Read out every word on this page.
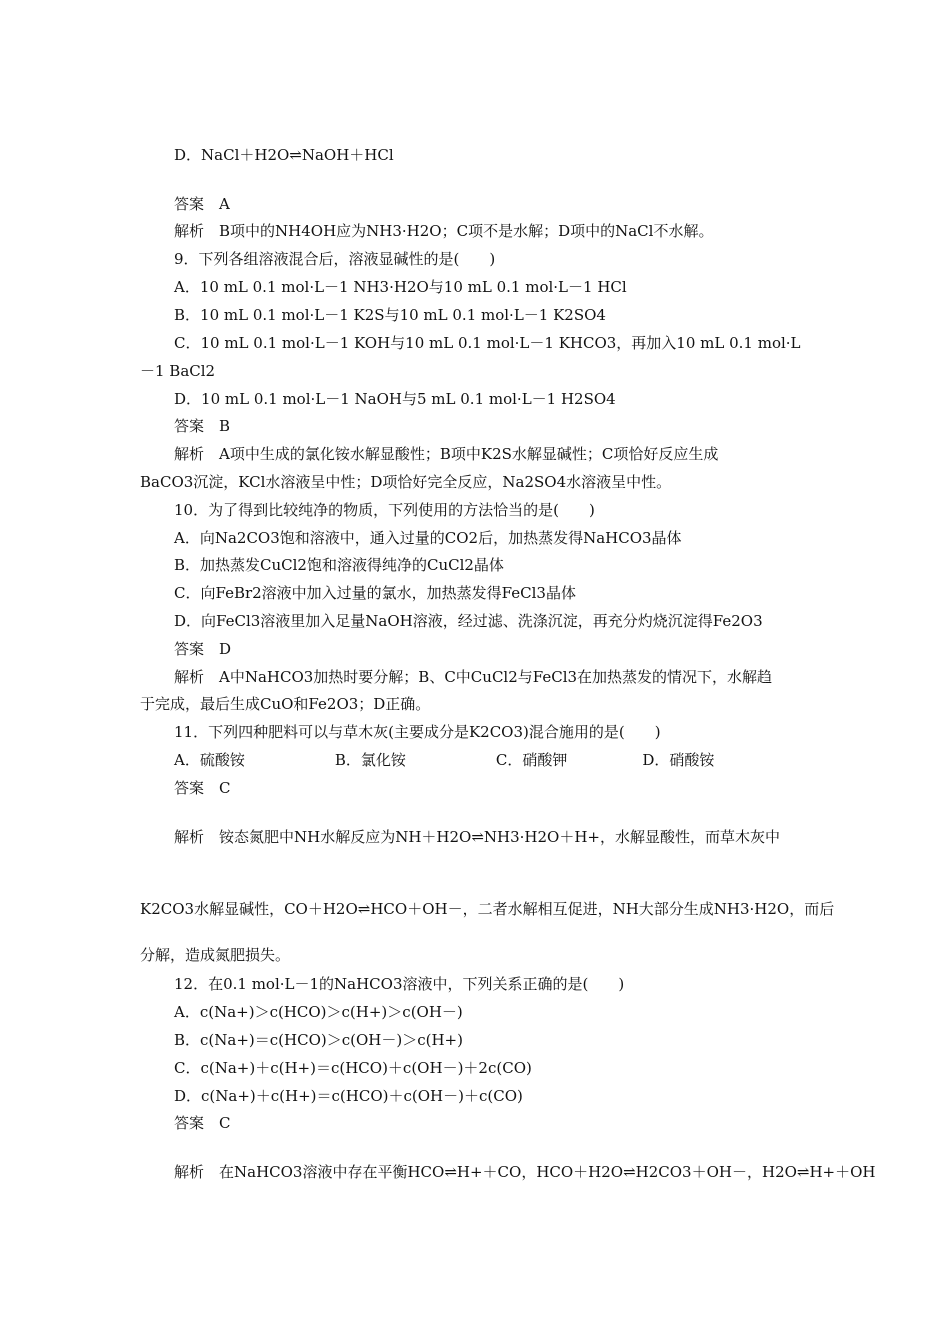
D．NaCl＋H2O⇌NaOH＋HCl
答案　A
解析　B项中的NH4OH应为NH3·H2O；C项不是水解；D项中的NaCl不水解。
9．下列各组溶液混合后，溶液显碱性的是(　　)
A．10 mL 0.1 mol·L－1 NH3·H2O与10 mL 0.1 mol·L－1 HCl
B．10 mL 0.1 mol·L－1 K2S与10 mL 0.1 mol·L－1 K2SO4
C．10 mL 0.1 mol·L－1 KOH与10 mL 0.1 mol·L－1 KHCO3，再加入10 mL 0.1 mol·L
－1 BaCl2
D．10 mL 0.1 mol·L－1 NaOH与5 mL 0.1 mol·L－1 H2SO4
答案　B
解析　A项中生成的氯化铵水解显酸性；B项中K2S水解显碱性；C项恰好反应生成
BaCO3沉淀，KCl水溶液呈中性；D项恰好完全反应，Na2SO4水溶液呈中性。
10．为了得到比较纯净的物质，下列使用的方法恰当的是(　　)
A．向Na2CO3饱和溶液中，通入过量的CO2后，加热蒸发得NaHCO3晶体
B．加热蒸发CuCl2饱和溶液得纯净的CuCl2晶体
C．向FeBr2溶液中加入过量的氯水，加热蒸发得FeCl3晶体
D．向FeCl3溶液里加入足量NaOH溶液，经过滤、洗涤沉淀，再充分灼烧沉淀得Fe2O3
答案　D
解析　A中NaHCO3加热时要分解；B、C中CuCl2与FeCl3在加热蒸发的情况下，水解趋
于完成，最后生成CuO和Fe2O3；D正确。
11．下列四种肥料可以与草木灰(主要成分是K2CO3)混合施用的是(　　)
A．硫酸铵　　　　　　B．氯化铵　　　　　　C．硝酸钾　　　　　D．硝酸铵
答案　C
解析　铵态氮肥中NH水解反应为NH＋H2O⇌NH3·H2O＋H+，水解显酸性，而草木灰中
K2CO3水解显碱性，CO＋H2O⇌HCO＋OH－，二者水解相互促进，NH大部分生成NH3·H2O，而后
分解，造成氮肥损失。
12．在0.1 mol·L－1的NaHCO3溶液中，下列关系正确的是(　　)
A．c(Na+)＞c(HCO)＞c(H+)＞c(OH－)
B．c(Na+)＝c(HCO)＞c(OH－)＞c(H+)
C．c(Na+)＋c(H+)＝c(HCO)＋c(OH－)＋2c(CO)
D．c(Na+)＋c(H+)＝c(HCO)＋c(OH－)＋c(CO)
答案　C
解析　在NaHCO3溶液中存在平衡HCO⇌H+＋CO，HCO＋H2O⇌H2CO3＋OH－，H2O⇌H+＋OH
